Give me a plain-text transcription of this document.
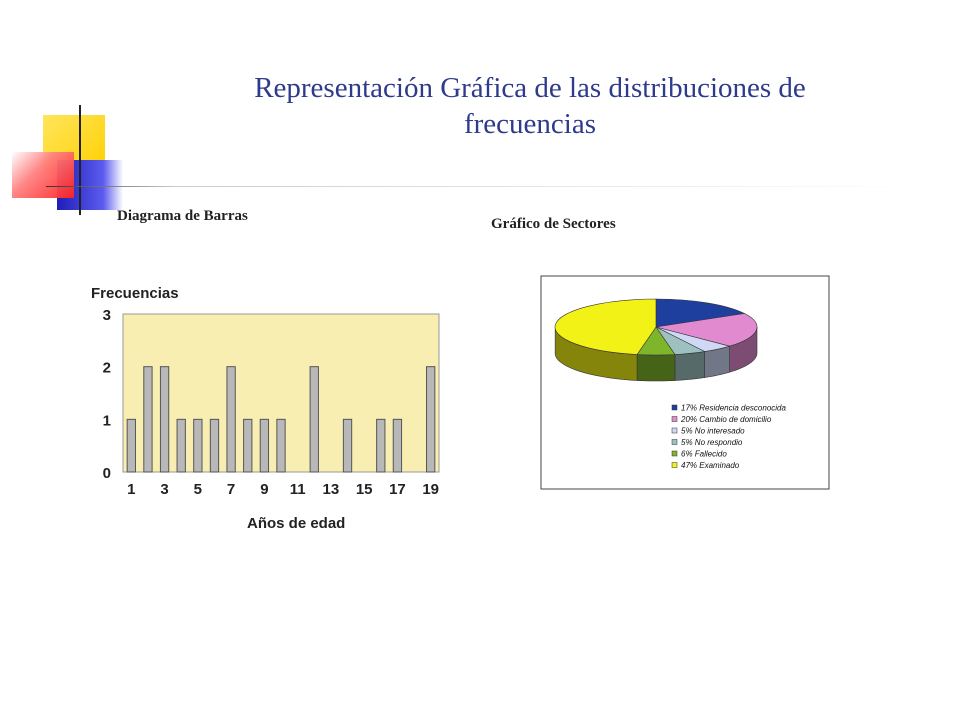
Representación Gráfica de las distribuciones de
frecuencias
Diagrama de Barras	Gráfico de Sectores
Frecuencias
0
1
2
3
1 3 5 7 9 11 13 15 17 19
Años de edad
17% Residencia desconocida
20% Cambio de domicilio
5% No interesado
5% No respondio
6% Fallecido
47% Examinado
